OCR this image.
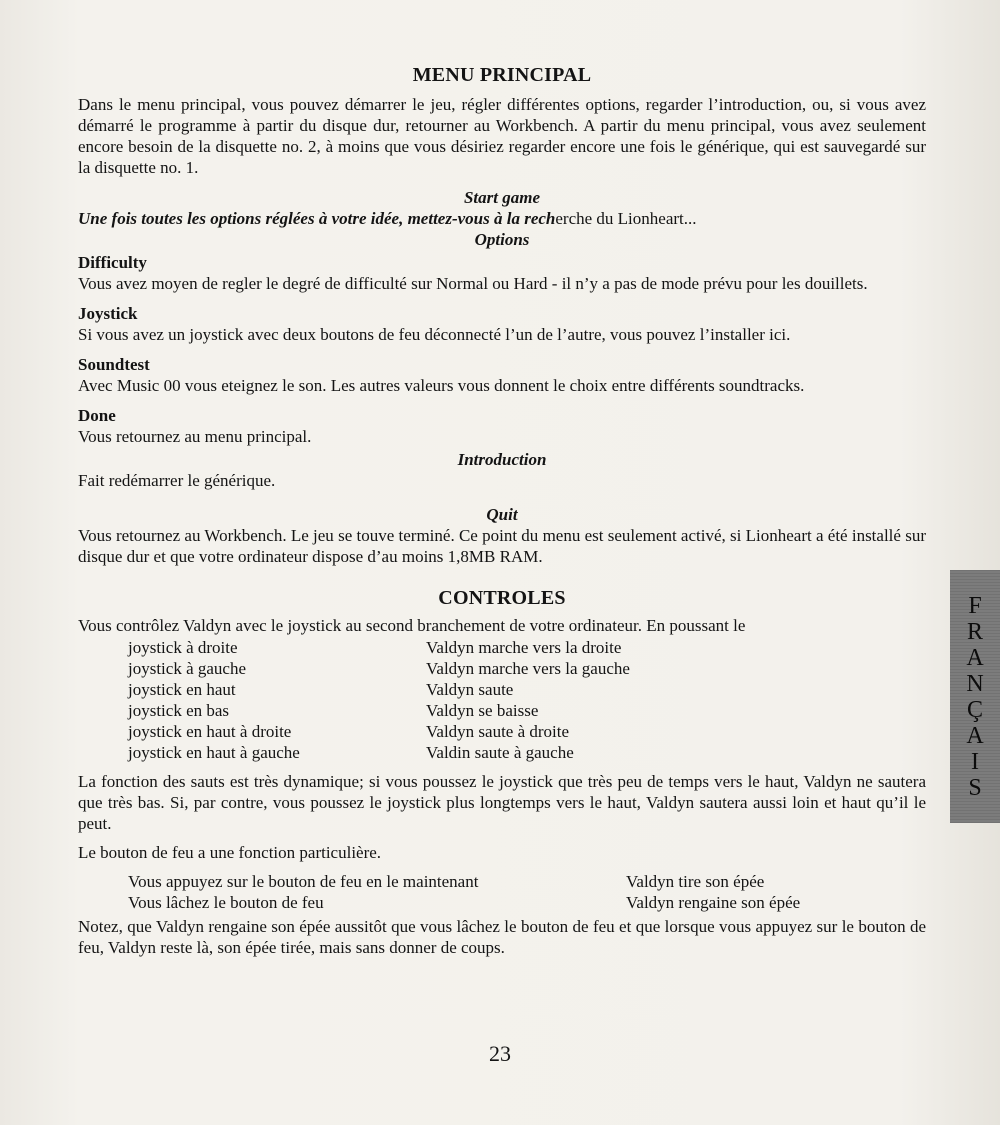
MENU PRINCIPAL

Dans le menu principal, vous pouvez démarrer le jeu, régler différentes options, regarder l’introduction, ou, si vous avez démarré le programme à partir du disque dur, retourner au Workbench. A partir du menu principal, vous avez seulement encore besoin de la disquette no. 2, à moins que vous désiriez regarder encore une fois le générique, qui est sauvegardé sur la disquette no. 1.

Start game

Une fois toutes les options réglées à votre idée, mettez-vous à la recherche du Lionheart...

Options

Difficulty

Vous avez moyen de regler le degré de difficulté sur Normal ou Hard - il n’y a pas de mode prévu pour les douillets.

Joystick

Si vous avez un joystick avec deux boutons de feu déconnecté l’un de l’autre, vous pouvez l’installer ici.

Soundtest

Avec Music 00 vous eteignez le son. Les autres valeurs vous donnent le choix entre différents soundtracks.

Done

Vous retournez au menu principal.

Introduction

Fait redémarrer le générique.

Quit

Vous retournez au Workbench. Le jeu se touve terminé. Ce point du menu est seulement activé, si Lionheart a été installé sur disque dur et que votre ordinateur dispose d’au moins 1,8MB RAM.

CONTROLES

Vous contrôlez Valdyn avec le joystick au second branchement de votre ordinateur. En poussant le

joystick à droite	Valdyn marche vers la droite
joystick à gauche	Valdyn marche vers la gauche
joystick en haut	Valdyn saute
joystick en bas	Valdyn se baisse
joystick en haut à droite	Valdyn saute à droite
joystick en haut à gauche	Valdin saute à gauche

La fonction des sauts est très dynamique; si vous poussez le joystick que très peu de temps vers le haut, Valdyn ne sautera que très bas. Si, par contre, vous poussez le joystick plus longtemps vers le haut, Valdyn sautera aussi loin et haut qu’il le peut.

Le bouton de feu a une fonction particulière.

Vous appuyez sur le bouton de feu en le maintenant	Valdyn tire son épée
Vous lâchez le bouton de feu	Valdyn rengaine son épée

Notez, que Valdyn rengaine son épée aussitôt que vous lâchez le bouton de feu et que lorsque vous appuyez sur le bouton de feu, Valdyn reste là, son épée tirée, mais sans donner de coups.

23
F
R
A
N
Ç
A
I
S
